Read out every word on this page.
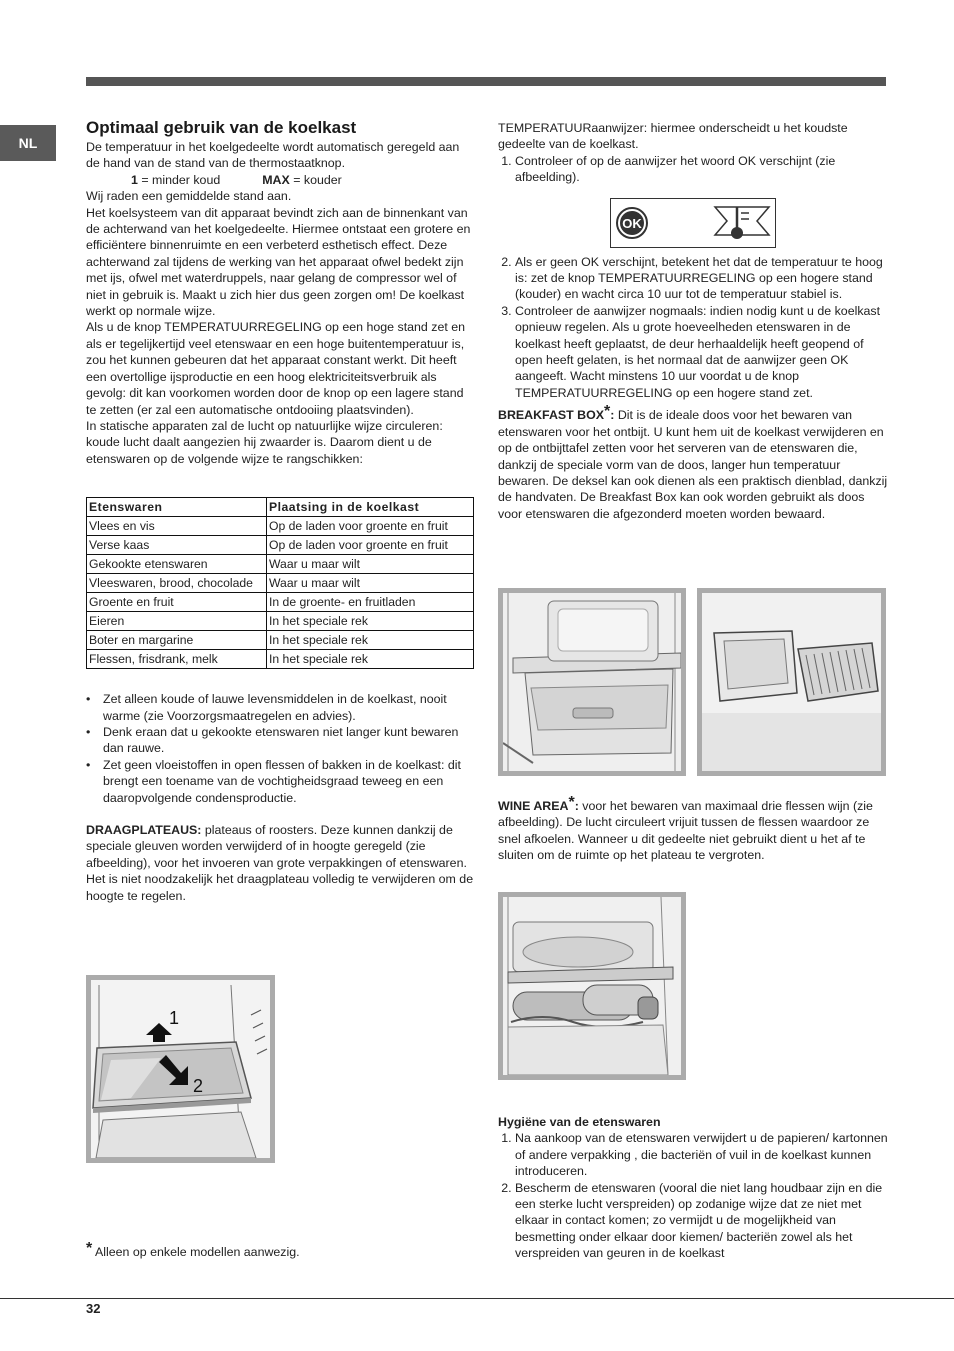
NL
Optimaal gebruik van de koelkast

De temperatuur in het koelgedeelte wordt automatisch geregeld aan de hand van de stand van de thermostaatknop.

1 = minder koud	MAX = kouder

Wij raden een gemiddelde stand aan.

Het koelsysteem van dit apparaat bevindt zich aan de binnenkant van de achterwand van het koelgedeelte. Hiermee ontstaat een grotere en efficiëntere binnenruimte en een verbeterd esthetisch effect. Deze achterwand zal tijdens de werking van het apparaat ofwel bedekt zijn met ijs, ofwel met waterdruppels, naar gelang de compressor wel of niet in gebruik is. Maakt u zich hier dus geen zorgen om! De koelkast werkt op normale wijze.

Als u de knop TEMPERATUURREGELING op een hoge stand zet en als er tegelijkertijd veel etenswaar en een hoge buitentemperatuur is, zou het kunnen gebeuren dat het apparaat constant werkt. Dit heeft een overtollige ijsproductie en een hoog elektriciteitsverbruik als gevolg: dit kan voorkomen worden door de knop op een lagere stand te zetten (er zal een automatische ontdooiing plaatsvinden).

In statische apparaten zal de lucht op natuurlijke wijze circuleren: koude lucht daalt aangezien hij zwaarder is. Daarom dient u de etenswaren op de volgende wijze te rangschikken:

Etenswaren	Plaatsing in de koelkast
Vlees en vis	Op de laden voor groente en fruit
Verse kaas	Op de laden voor groente en fruit
Gekookte etenswaren	Waar u maar wilt
Vleeswaren, brood, chocolade	Waar u maar wilt
Groente en fruit	In de groente- en fruitladen
Eieren	In het speciale rek
Boter en margarine	In het speciale rek
Flessen, frisdrank, melk	In het speciale rek
• Zet alleen koude of lauwe levensmiddelen in de koelkast, nooit warme (zie Voorzorgsmaatregelen en advies).
• Denk eraan dat u gekookte etenswaren niet langer kunt bewaren dan rauwe.
• Zet geen vloeistoffen in open flessen of bakken in de koelkast: dit brengt een toename van de vochtigheidsgraad teweeg en een daaropvolgende condensproductie.

DRAAGPLATEAUS: plateaus of roosters. Deze kunnen dankzij de speciale gleuven worden verwijderd of in hoogte geregeld (zie afbeelding), voor het invoeren van grote verpakkingen of etenswaren. Het is niet noodzakelijk het draagplateau volledig te verwijderen om de hoogte te regelen.

1
2
* Alleen op enkele modellen aanwezig.

TEMPERATUURaanwijzer: hiermee onderscheidt u het koudste gedeelte van de koelkast.

1. Controleer of op de aanwijzer het woord OK verschijnt (zie afbeelding).
2. Als er geen OK verschijnt, betekent het dat de temperatuur te hoog is: zet de knop TEMPERATUURREGELING op een hogere stand (kouder) en wacht circa 10 uur tot de temperatuur stabiel is.
3. Controleer de aanwijzer nogmaals: indien nodig kunt u de koelkast opnieuw regelen. Als u grote hoeveelheden etenswaren in de koelkast heeft geplaatst, de deur herhaaldelijk heeft geopend of open heeft gelaten, is het normaal dat de aanwijzer geen OK aangeeft. Wacht minstens 10 uur voordat u de knop TEMPERATUURREGELING op een hogere stand zet.

BREAKFAST BOX*: Dit is de ideale doos voor het bewaren van etenswaren voor het ontbijt. U kunt hem uit de koelkast verwijderen en op de ontbijttafel zetten voor het serveren van de etenswaren die, dankzij de speciale vorm van de doos, langer hun temperatuur bewaren. De deksel kan ook dienen als een praktisch dienblad, dankzij de handvaten. De Breakfast Box kan ook worden gebruikt als doos voor etenswaren die afgezonderd moeten worden bewaard.

OK

WINE AREA*: voor het bewaren van maximaal drie flessen wijn (zie afbeelding). De lucht circuleert vrijuit tussen de flessen waardoor ze snel afkoelen. Wanneer u dit gedeelte niet gebruikt dient u het af te sluiten om de ruimte op het plateau te vergroten.

Hygiëne van de etenswaren

1. Na aankoop van de etenswaren verwijdert u de papieren/ kartonnen of andere verpakking , die bacteriën of vuil in de koelkast kunnen introduceren.
2. Bescherm de etenswaren (vooral die niet lang houdbaar zijn en die een sterke lucht verspreiden) op zodanige wijze dat ze niet met elkaar in contact komen; zo vermijdt u de mogelijkheid van besmetting onder elkaar door kiemen/ bacteriën zowel als het verspreiden van geuren in de koelkast
32
